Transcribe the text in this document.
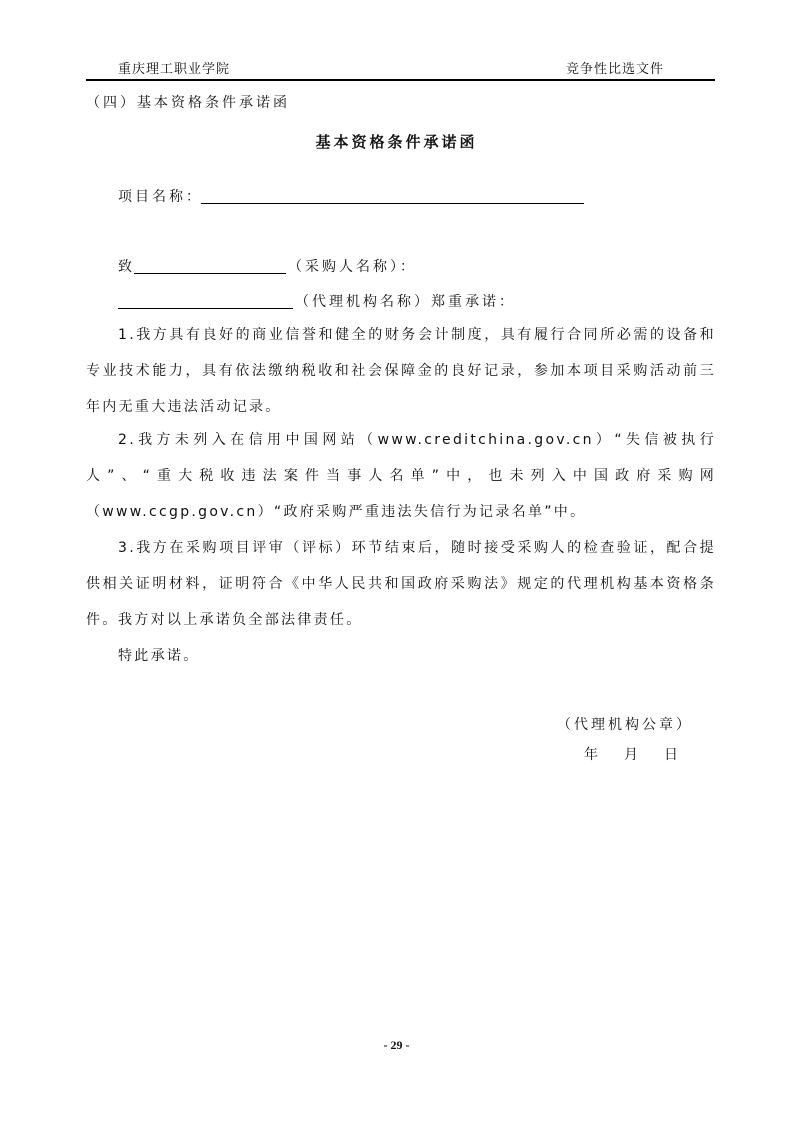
重庆理工职业学院	竞争性比选文件
（四）基本资格条件承诺函
基本资格条件承诺函
项目名称：
致	（采购人名称）：
（代理机构名称）郑重承诺：

1.我方具有良好的商业信誉和健全的财务会计制度，具有履行合同所必需的设备和专业技术能力，具有依法缴纳税收和社会保障金的良好记录，参加本项目采购活动前三年内无重大违法活动记录。

2.我方未列入在信用中国网站（www.creditchina.gov.cn）“失信被执行人”、“重大税收违法案件当事人名单”中，也未列入中国政府采购网（www.ccgp.gov.cn）“政府采购严重违法失信行为记录名单”中。

3.我方在采购项目评审（评标）环节结束后，随时接受采购人的检查验证，配合提供相关证明材料，证明符合《中华人民共和国政府采购法》规定的代理机构基本资格条件。 我方对以上承诺负全部法律责任。

特此承诺。

（代理机构公章）
年 月 日
- 29 -
